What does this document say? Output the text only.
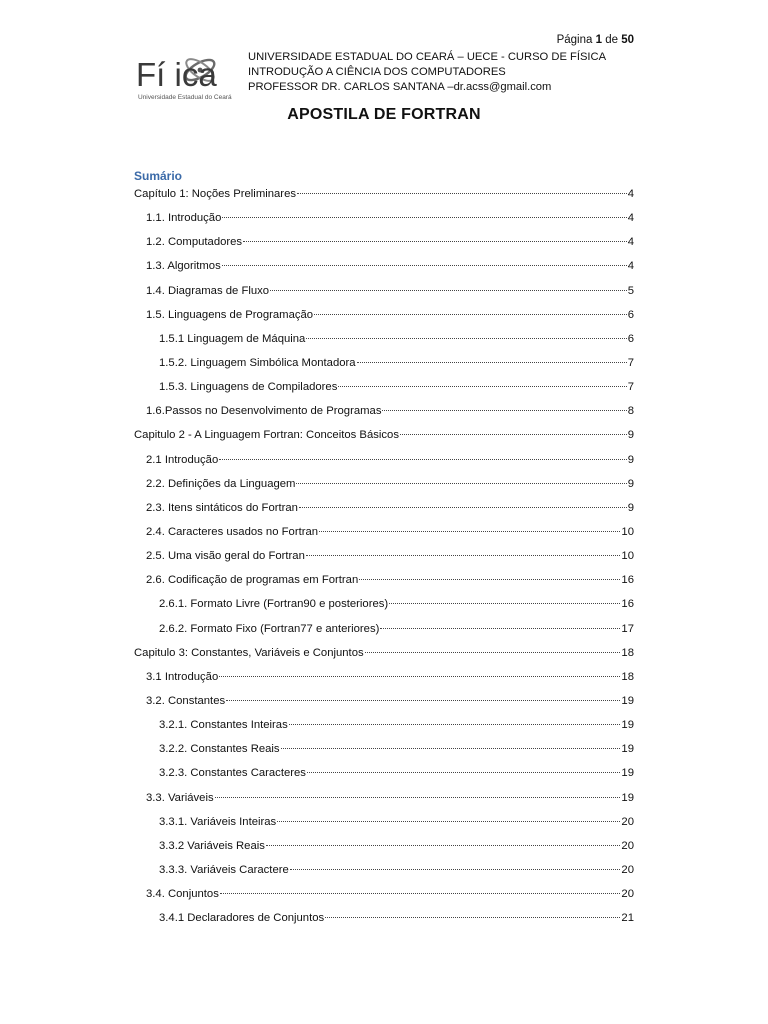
Página 1 de 50
Fí ica
Universidade Estadual do Ceará
UNIVERSIDADE ESTADUAL DO CEARÁ – UECE - CURSO DE FÍSICA
INTRODUÇÃO A CIÊNCIA DOS COMPUTADORES
PROFESSOR DR. CARLOS SANTANA –dr.acss@gmail.com
APOSTILA DE FORTRAN
Sumário
Capítulo 1: Noções Preliminares	4
1.1. Introdução	4
1.2. Computadores	4
1.3. Algoritmos	4
1.4. Diagramas de Fluxo	5
1.5. Linguagens de Programação	6
1.5.1 Linguagem de Máquina	6
1.5.2. Linguagem Simbólica Montadora	7
1.5.3. Linguagens de Compiladores	7
1.6.Passos no Desenvolvimento de Programas	8
Capitulo 2 - A Linguagem Fortran: Conceitos Básicos	9
2.1 Introdução	9
2.2. Definições da Linguagem	9
2.3. Itens sintáticos do Fortran	9
2.4. Caracteres usados no Fortran	10
2.5. Uma visão geral do Fortran	10
2.6. Codificação de programas em Fortran	16
2.6.1. Formato Livre (Fortran90 e posteriores)	16
2.6.2. Formato Fixo (Fortran77 e anteriores)	17
Capitulo 3: Constantes, Variáveis e Conjuntos	18
3.1 Introdução	18
3.2. Constantes	19
3.2.1. Constantes Inteiras	19
3.2.2. Constantes Reais	19
3.2.3. Constantes Caracteres	19
3.3. Variáveis	19
3.3.1. Variáveis Inteiras	20
3.3.2 Variáveis Reais	20
3.3.3. Variáveis Caractere	20
3.4. Conjuntos	20
3.4.1 Declaradores de Conjuntos	21
